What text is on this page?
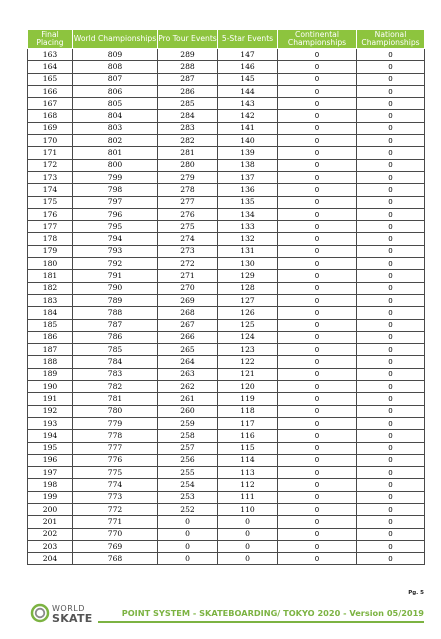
Final Placing	World Championships	Pro Tour Events	5-Star Events	Continental Championships	National Championships
163	809	289	147	0	0
164	808	288	146	0	0
165	807	287	145	0	0
166	806	286	144	0	0
167	805	285	143	0	0
168	804	284	142	0	0
169	803	283	141	0	0
170	802	282	140	0	0
171	801	281	139	0	0
172	800	280	138	0	0
173	799	279	137	0	0
174	798	278	136	0	0
175	797	277	135	0	0
176	796	276	134	0	0
177	795	275	133	0	0
178	794	274	132	0	0
179	793	273	131	0	0
180	792	272	130	0	0
181	791	271	129	0	0
182	790	270	128	0	0
183	789	269	127	0	0
184	788	268	126	0	0
185	787	267	125	0	0
186	786	266	124	0	0
187	785	265	123	0	0
188	784	264	122	0	0
189	783	263	121	0	0
190	782	262	120	0	0
191	781	261	119	0	0
192	780	260	118	0	0
193	779	259	117	0	0
194	778	258	116	0	0
195	777	257	115	0	0
196	776	256	114	0	0
197	775	255	113	0	0
198	774	254	112	0	0
199	773	253	111	0	0
200	772	252	110	0	0
201	771	0	0	0	0
202	770	0	0	0	0
203	769	0	0	0	0
204	768	0	0	0	0
Pg. 5
WORLD
SKATE	POINT SYSTEM - SKATEBOARDING/ TOKYO 2020 - Version 05/2019
